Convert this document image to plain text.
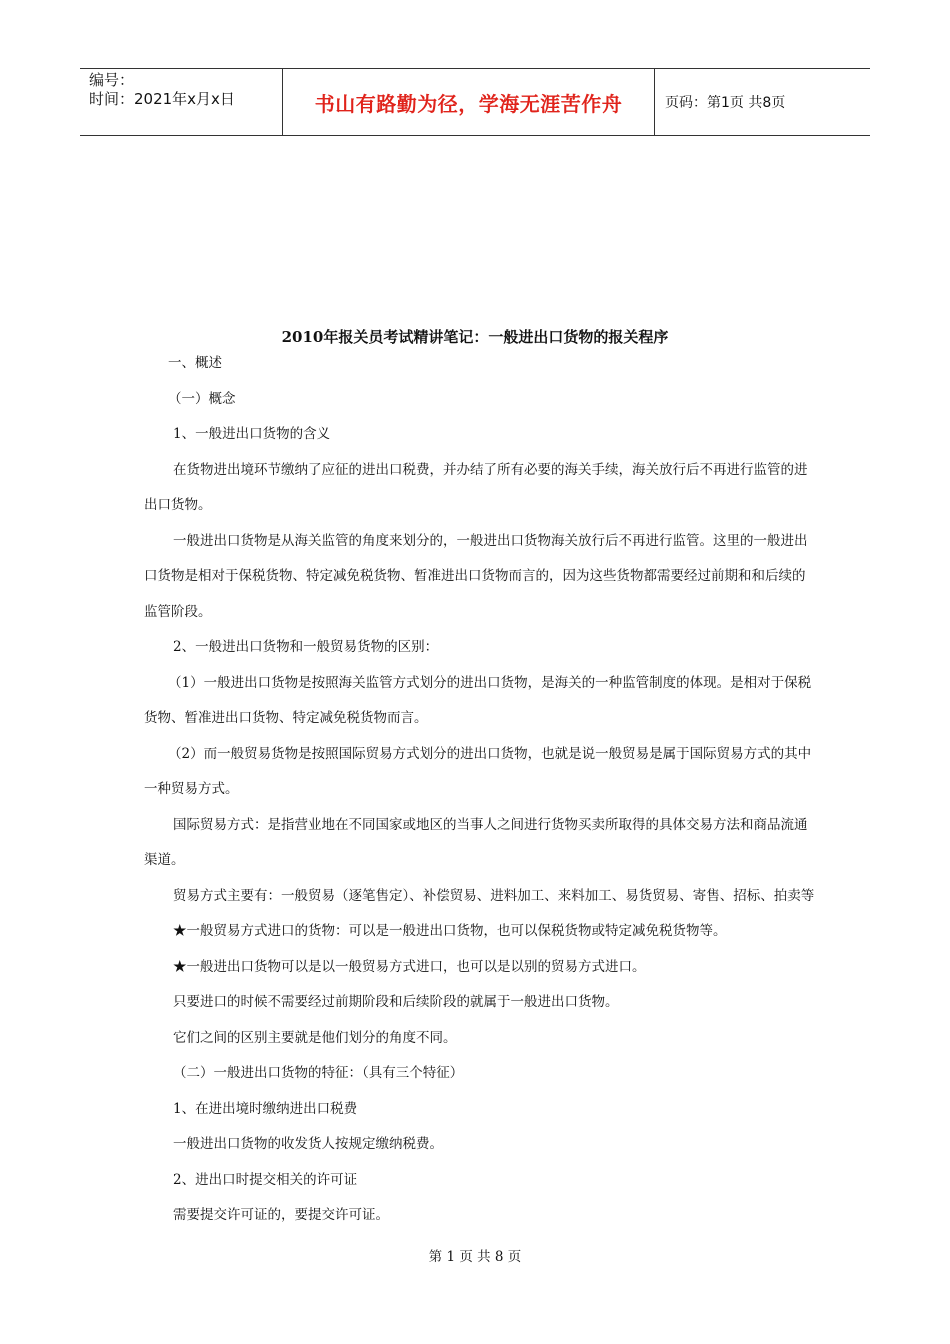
编号：
时间：2021年x月x日	书山有路勤为径，学海无涯苦作舟	页码：第1页 共8页
2010年报关员考试精讲笔记：一般进出口货物的报关程序

一、概述

（一）概念

1、一般进出口货物的含义

在货物进出境环节缴纳了应征的进出口税费，并办结了所有必要的海关手续，海关放行后不再进行监管的进出口货物。

一般进出口货物是从海关监管的角度来划分的，一般进出口货物海关放行后不再进行监管。这里的一般进出口货物是相对于保税货物、特定减免税货物、暂准进出口货物而言的，因为这些货物都需要经过前期和和后续的监管阶段。

2、一般进出口货物和一般贸易货物的区别：

（1）一般进出口货物是按照海关监管方式划分的进出口货物，是海关的一种监管制度的体现。是相对于保税货物、暂准进出口货物、特定减免税货物而言。

（2）而一般贸易货物是按照国际贸易方式划分的进出口货物，也就是说一般贸易是属于国际贸易方式的其中一种贸易方式。

国际贸易方式：是指营业地在不同国家或地区的当事人之间进行货物买卖所取得的具体交易方法和商品流通渠道。

贸易方式主要有：一般贸易（逐笔售定）、补偿贸易、进料加工、来料加工、易货贸易、寄售、招标、拍卖等

★一般贸易方式进口的货物：可以是一般进出口货物，也可以保税货物或特定减免税货物等。

★一般进出口货物可以是以一般贸易方式进口，也可以是以别的贸易方式进口。

只要进口的时候不需要经过前期阶段和后续阶段的就属于一般进出口货物。

它们之间的区别主要就是他们划分的角度不同。

（二）一般进出口货物的特征：（具有三个特征）

1、在进出境时缴纳进出口税费

一般进出口货物的收发货人按规定缴纳税费。

2、进出口时提交相关的许可证

需要提交许可证的，要提交许可证。

第 1 页 共 8 页
